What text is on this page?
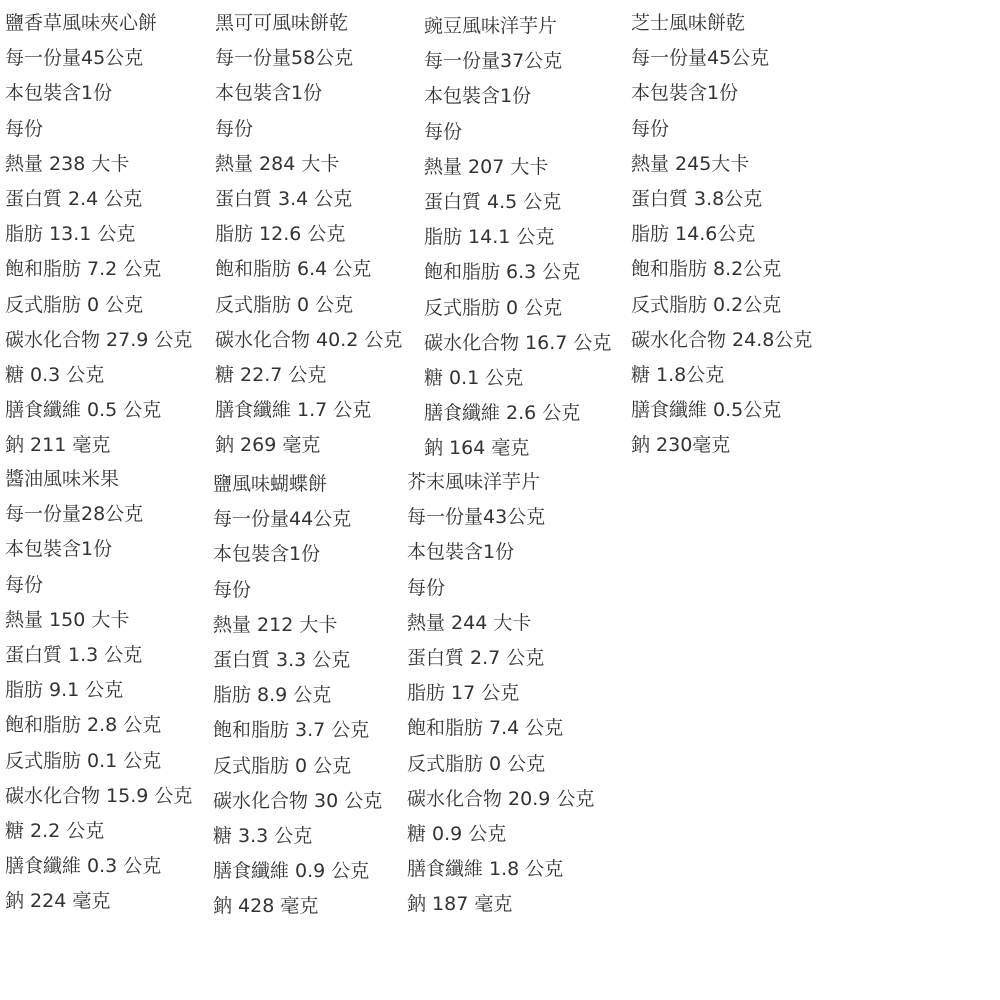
鹽香草風味夾心餅
每一份量45公克
本包裝含1份
每份
熱量 238 大卡
蛋白質 2.4 公克
脂肪 13.1 公克
飽和脂肪 7.2 公克
反式脂肪 0 公克
碳水化合物 27.9 公克
糖 0.3 公克
膳食纖維 0.5 公克
鈉 211 毫克
黑可可風味餅乾
每一份量58公克
本包裝含1份
每份
熱量 284 大卡
蛋白質 3.4 公克
脂肪 12.6 公克
飽和脂肪 6.4 公克
反式脂肪 0 公克
碳水化合物 40.2 公克
糖 22.7 公克
膳食纖維 1.7 公克
鈉 269 毫克
豌豆風味洋芋片
每一份量37公克
本包裝含1份
每份
熱量 207 大卡
蛋白質 4.5 公克
脂肪 14.1 公克
飽和脂肪 6.3 公克
反式脂肪 0 公克
碳水化合物 16.7 公克
糖 0.1 公克
膳食纖維 2.6 公克
鈉 164 毫克
芝士風味餅乾
每一份量45公克
本包裝含1份
每份
熱量 245大卡
蛋白質 3.8公克
脂肪 14.6公克
飽和脂肪 8.2公克
反式脂肪 0.2公克
碳水化合物 24.8公克
糖 1.8公克
膳食纖維 0.5公克
鈉 230毫克
醬油風味米果
每一份量28公克
本包裝含1份
每份
熱量 150 大卡
蛋白質 1.3 公克
脂肪 9.1 公克
飽和脂肪 2.8 公克
反式脂肪 0.1 公克
碳水化合物 15.9 公克
糖 2.2 公克
膳食纖維 0.3 公克
鈉 224 毫克
鹽風味蝴蝶餅
每一份量44公克
本包裝含1份
每份
熱量 212 大卡
蛋白質 3.3 公克
脂肪 8.9 公克
飽和脂肪 3.7 公克
反式脂肪 0 公克
碳水化合物 30 公克
糖 3.3 公克
膳食纖維 0.9 公克
鈉 428 毫克
芥末風味洋芋片
每一份量43公克
本包裝含1份
每份
熱量 244 大卡
蛋白質 2.7 公克
脂肪 17 公克
飽和脂肪 7.4 公克
反式脂肪 0 公克
碳水化合物 20.9 公克
糖 0.9 公克
膳食纖維 1.8 公克
鈉 187 毫克
